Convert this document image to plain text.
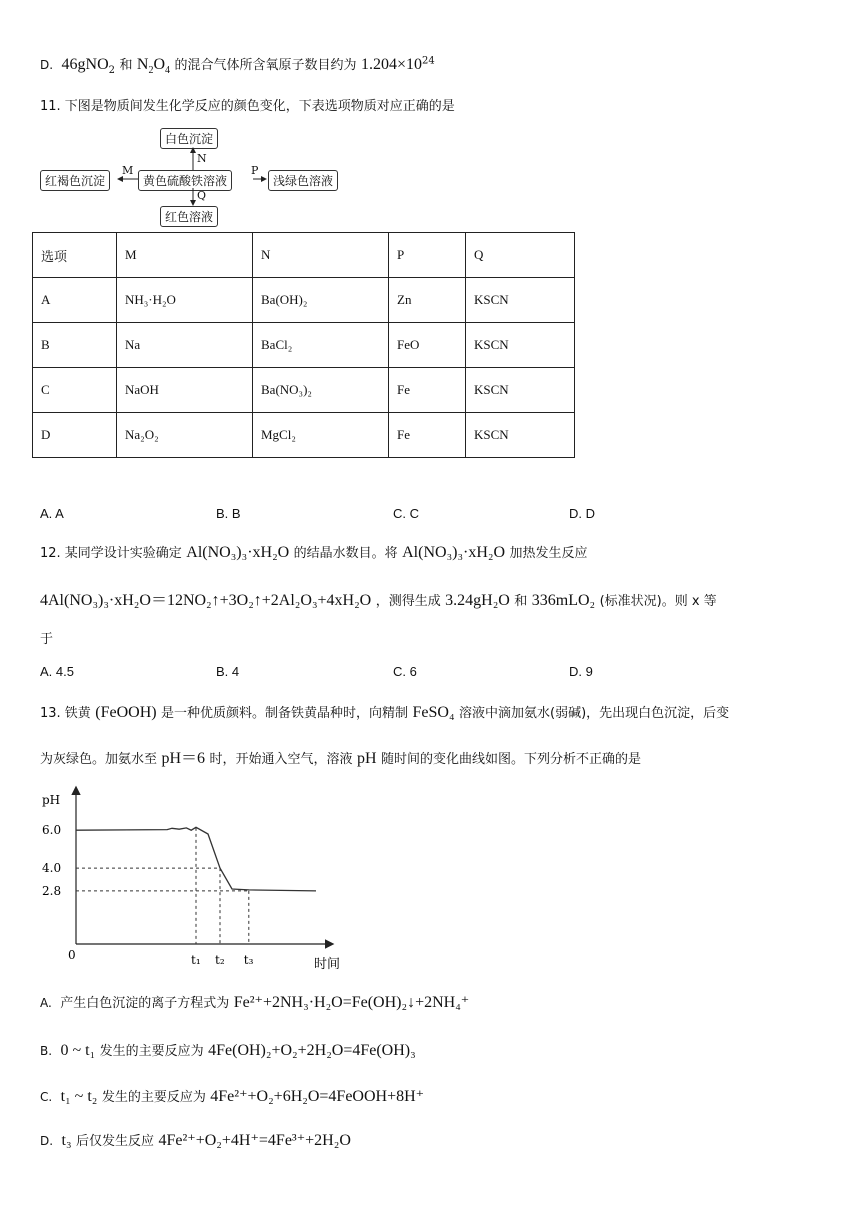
D. 46gNO$_2$ 和 $N_2O_4$ 的混合气体所含氧原子数目约为 $1.204\times 10^{24}$
11. 下图是物质间发生化学反应的颜色变化，下表选项物质对应正确的是
白色沉淀
黄色硫酸铁溶液
红褐色沉淀	浅绿色溶液
红色溶液
N
M	P
Q
选项	M	N	P	Q
A	NH₃·H₂O	Ba(OH)₂	Zn	KSCN
B	Na	BaCl₂	FeO	KSCN
C	NaOH	Ba(NO₃)₂	Fe	KSCN
D	Na₂O₂	MgCl₂	Fe	KSCN
A. A	B. B	C. C	D. D
12. 某同学设计实验确定 Al(NO₃)₃·xH₂O 的结晶水数目。将 Al(NO₃)₃·xH₂O 加热发生反应
4Al(NO₃)₃·xH₂O＝12NO₂↑+3O₂↑+2Al₂O₃+4xH₂O ，测得生成 3.24gH₂O 和 336mLO₂ (标准状况)。则 x 等
于
A. 4.5	B. 4	C. 6	D. 9
13. 铁黄 (FeOOH) 是一种优质颜料。制备铁黄晶种时，向精制 FeSO₄ 溶液中滴加氨水(弱碱)，先出现白色沉淀，后变
为灰绿色。加氨水至 pH＝6 时，开始通入空气，溶液 pH 随时间的变化曲线如图。下列分析不正确的是
pH
时间
0
6.0
4.0
2.8
t₁ t₂ t₃
A. 产生白色沉淀的离子方程式为 Fe²⁺+2NH₃·H₂O=Fe(OH)₂↓+2NH₄⁺
B. 0 ~ t₁ 发生的主要反应为 4Fe(OH)₂+O₂+2H₂O=4Fe(OH)₃
C. t₁ ~ t₂ 发生的主要反应为 4Fe²⁺+O₂+6H₂O=4FeOOH+8H⁺
D. t₃ 后仅发生反应 4Fe²⁺+O₂+4H⁺=4Fe³⁺+2H₂O
